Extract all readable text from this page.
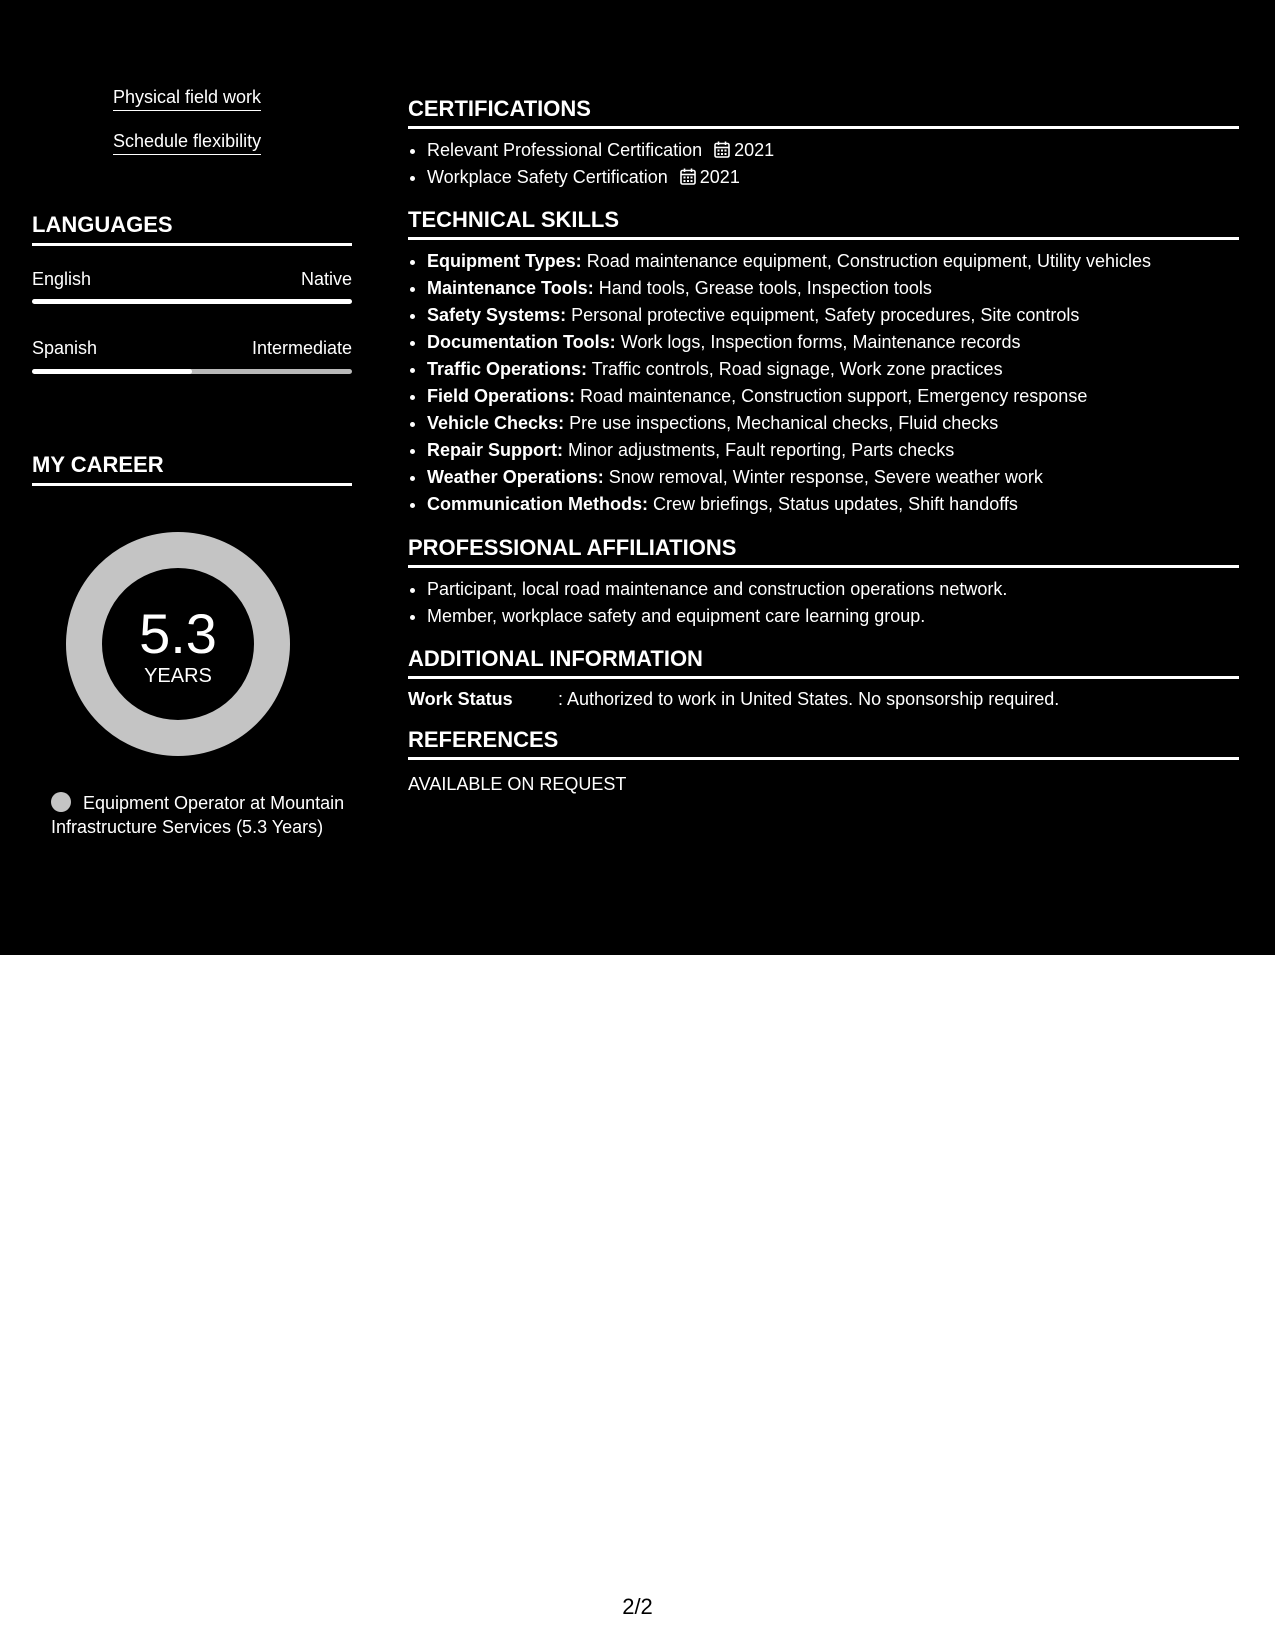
Physical field work
Schedule flexibility
LANGUAGES
English	Native
Spanish	Intermediate
MY CAREER
5.3
YEARS
Equipment Operator at Mountain Infrastructure Services (5.3 Years)
CERTIFICATIONS
• Relevant Professional Certification 2021
• Workplace Safety Certification 2021
TECHNICAL SKILLS
• Equipment Types: Road maintenance equipment, Construction equipment, Utility vehicles
• Maintenance Tools: Hand tools, Grease tools, Inspection tools
• Safety Systems: Personal protective equipment, Safety procedures, Site controls
• Documentation Tools: Work logs, Inspection forms, Maintenance records
• Traffic Operations: Traffic controls, Road signage, Work zone practices
• Field Operations: Road maintenance, Construction support, Emergency response
• Vehicle Checks: Pre use inspections, Mechanical checks, Fluid checks
• Repair Support: Minor adjustments, Fault reporting, Parts checks
• Weather Operations: Snow removal, Winter response, Severe weather work
• Communication Methods: Crew briefings, Status updates, Shift handoffs
PROFESSIONAL AFFILIATIONS
• Participant, local road maintenance and construction operations network.
• Member, workplace safety and equipment care learning group.
ADDITIONAL INFORMATION
Work Status	: Authorized to work in United States. No sponsorship required.
REFERENCES
AVAILABLE ON REQUEST
2/2
